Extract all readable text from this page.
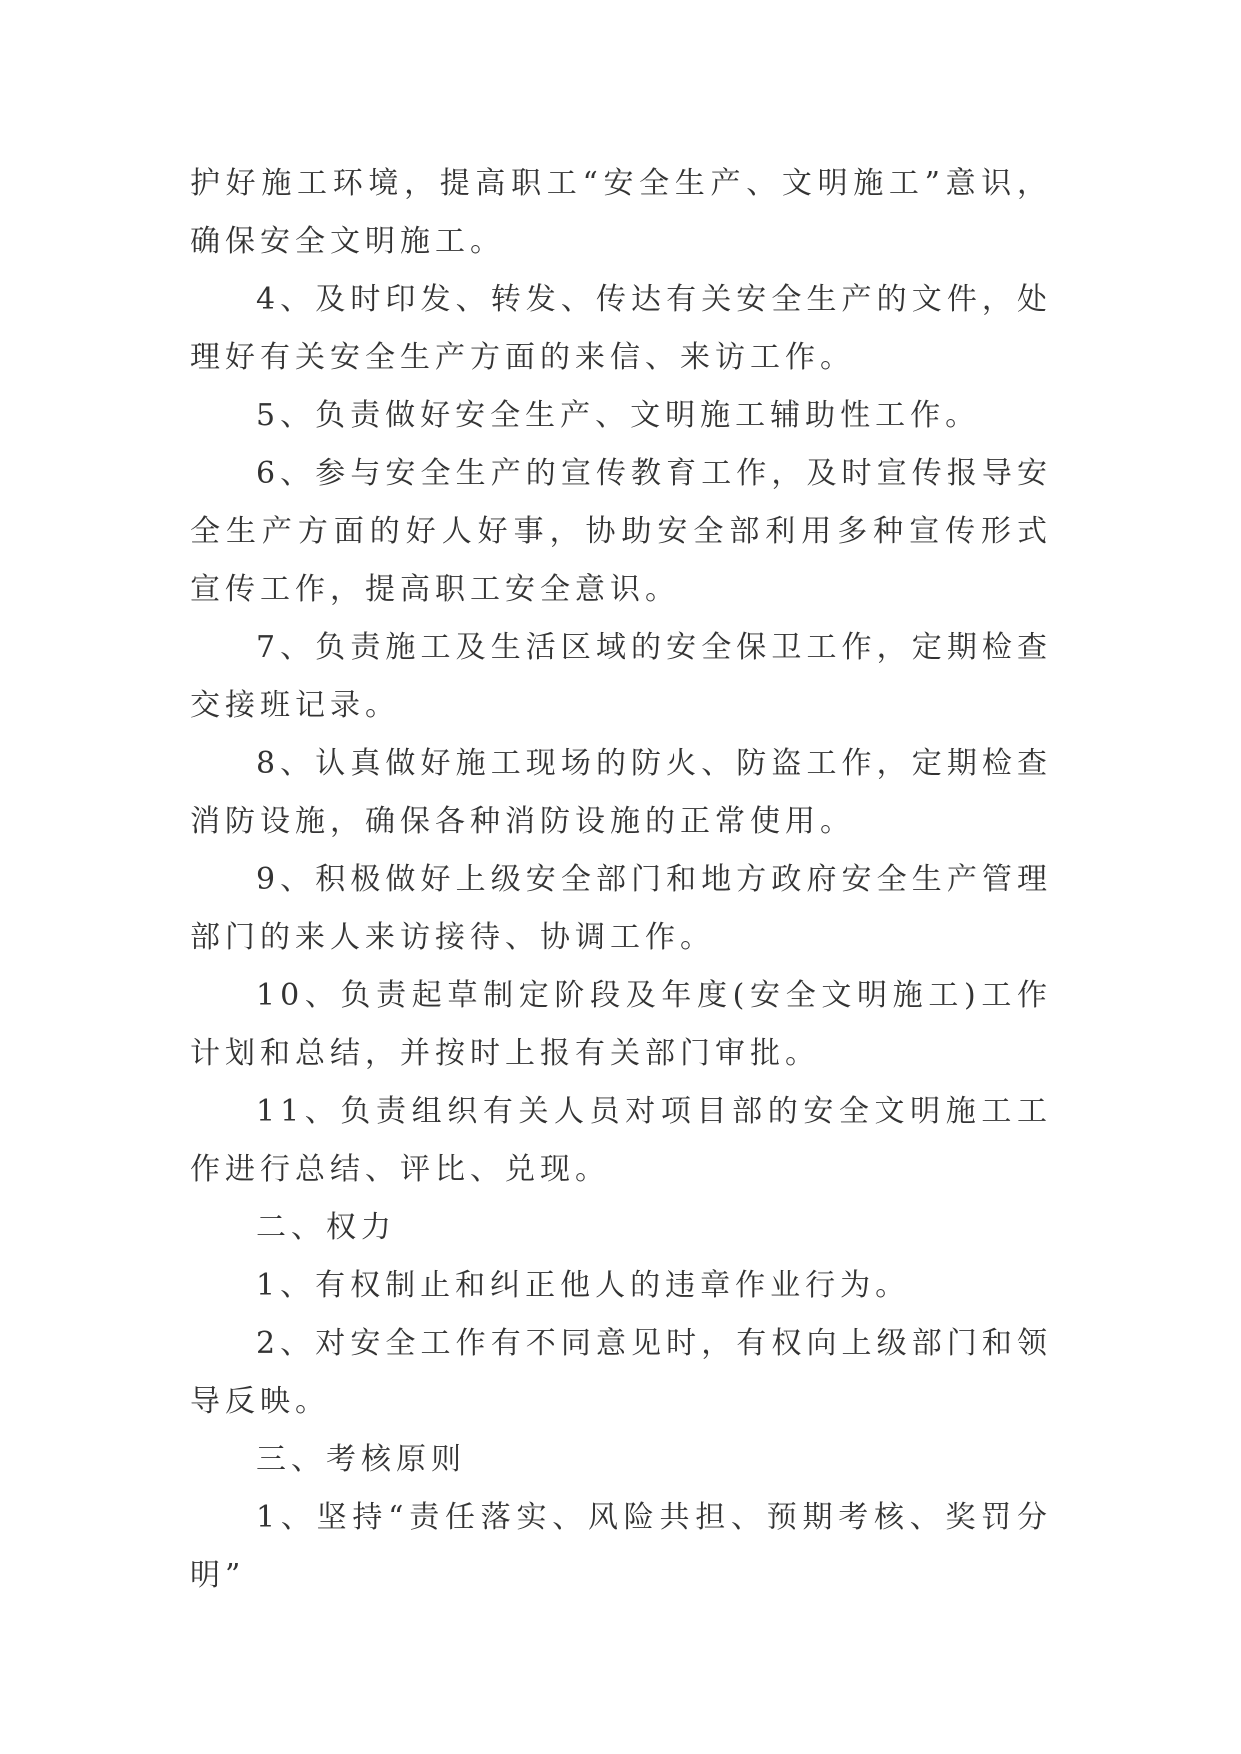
护好施工环境，提高职工“安全生产、文明施工”意识，确保安全文明施工。

4、及时印发、转发、传达有关安全生产的文件，处理好有关安全生产方面的来信、来访工作。

5、负责做好安全生产、文明施工辅助性工作。

6、参与安全生产的宣传教育工作，及时宣传报导安全生产方面的好人好事，协助安全部利用多种宣传形式宣传工作，提高职工安全意识。

7、负责施工及生活区域的安全保卫工作，定期检查交接班记录。

8、认真做好施工现场的防火、防盗工作，定期检查消防设施，确保各种消防设施的正常使用。

9、积极做好上级安全部门和地方政府安全生产管理部门的来人来访接待、协调工作。

10、负责起草制定阶段及年度(安全文明施工)工作计划和总结，并按时上报有关部门审批。

11、负责组织有关人员对项目部的安全文明施工工作进行总结、评比、兑现。

二、权力

1、有权制止和纠正他人的违章作业行为。

2、对安全工作有不同意见时，有权向上级部门和领导反映。

三、考核原则

1、坚持“责任落实、风险共担、预期考核、奖罚分明”
